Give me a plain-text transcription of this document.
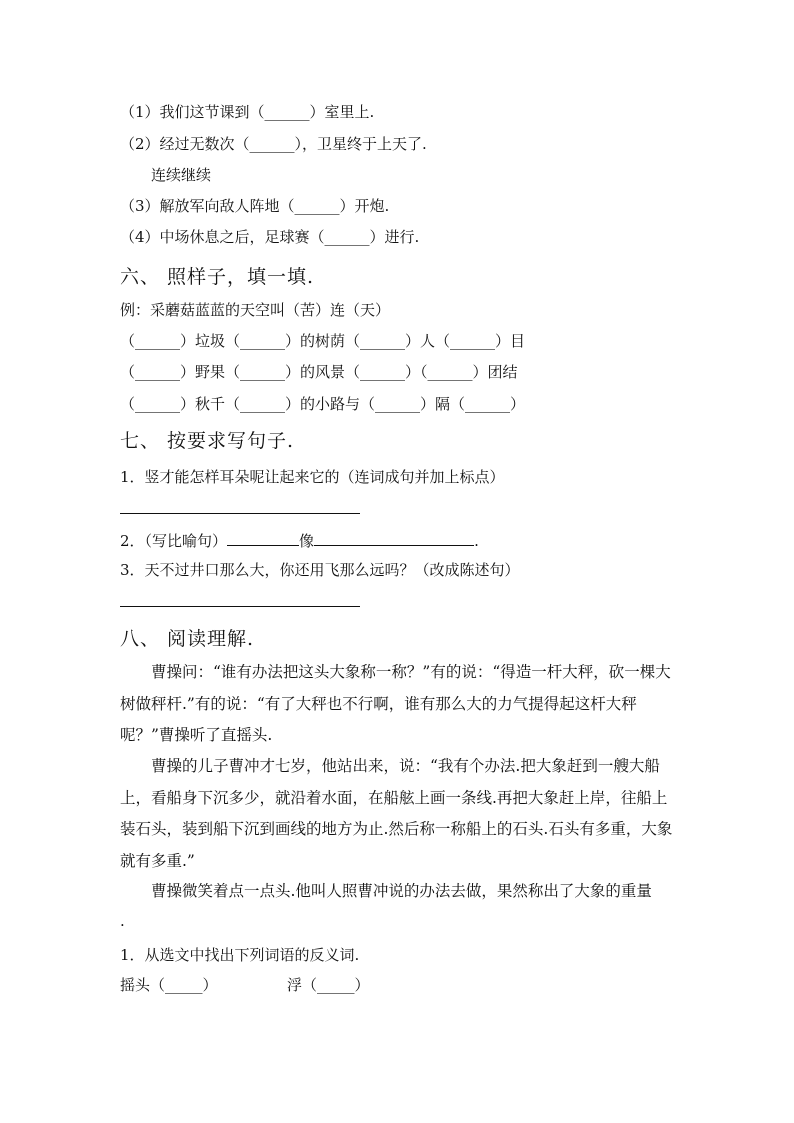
（1）我们这节课到（______）室里上.
（2）经过无数次（______），卫星终于上天了.
连续继续
（3）解放军向敌人阵地（______）开炮.
（4）中场休息之后，足球赛（______）进行.
六、 照样子，填一填.
例：采蘑菇蓝蓝的天空叫（苦）连（天）
（______）垃圾（______）的树荫（______）人（______）目
（______）野果（______）的风景（______）（______）团结
（______）秋千（______）的小路与（______）隔（______）
七、 按要求写句子.
1．竖才能怎样耳朵呢让起来它的（连词成句并加上标点）
2．（写比喻句）	像	.
3．天不过井口那么大，你还用飞那么远吗？（改成陈述句）
八、 阅读理解.
曹操问：“谁有办法把这头大象称一称？”有的说：“得造一杆大秤，砍一棵大树做秤杆.”有的说：“有了大秤也不行啊，谁有那么大的力气提得起这杆大秤呢？”曹操听了直摇头.
曹操的儿子曹冲才七岁，他站出来，说：“我有个办法.把大象赶到一艘大船上，看船身下沉多少，就沿着水面，在船舷上画一条线.再把大象赶上岸，往船上装石头，装到船下沉到画线的地方为止.然后称一称船上的石头.石头有多重，大象就有多重.”
曹操微笑着点一点头.他叫人照曹冲说的办法去做，果然称出了大象的重量
.
1．从选文中找出下列词语的反义词.
摇头（_____）	浮（_____）
